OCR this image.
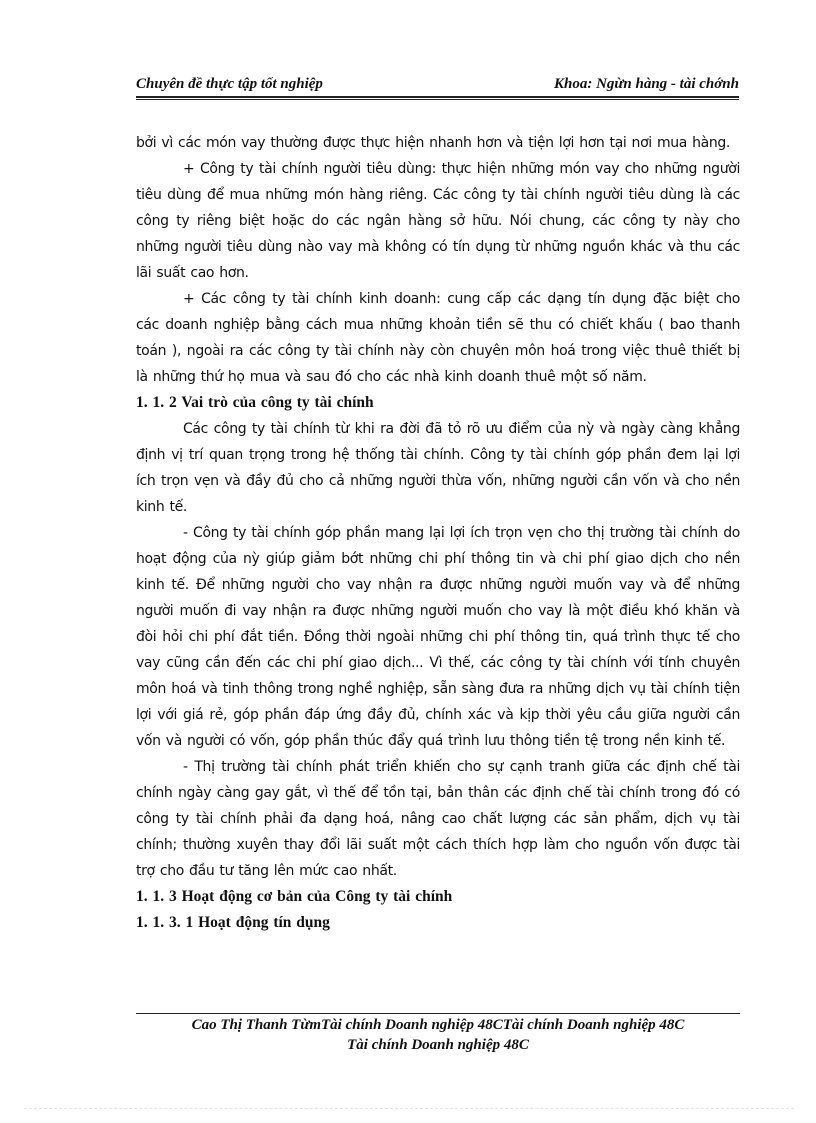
Chuyên đề thực tập tốt nghiệp	Khoa: Ngừn hàng - tài chớnh

bởi vì các món vay thường được thực hiện nhanh hơn và tiện lợi hơn tại nơi mua hàng.

+ Công ty tài chính người tiêu dùng: thực hiện những món vay cho những người tiêu dùng để mua những món hàng riêng. Các công ty tài chính người tiêu dùng là các công ty riêng biệt hoặc do các ngân hàng sở hữu. Nói chung, các công ty này cho những người tiêu dùng nào vay mà không có tín dụng từ những nguồn khác và thu các lãi suất cao hơn.

+ Các công ty tài chính kinh doanh: cung cấp các dạng tín dụng đặc biệt cho các doanh nghiệp bằng cách mua những khoản tiền sẽ thu có chiết khấu ( bao thanh toán ), ngoài ra các công ty tài chính này còn chuyên môn hoá trong việc thuê thiết bị là những thứ họ mua và sau đó cho các nhà kinh doanh thuê một số năm.

1. 1. 2 Vai trò của công ty tài chính

Các công ty tài chính từ khi ra đời đã tỏ rõ ưu điểm của nỳ và ngày càng khẳng định vị trí quan trọng trong hệ thống tài chính. Công ty tài chính góp phần đem lại lợi ích trọn vẹn và đầy đủ cho cả những người thừa vốn, những người cần vốn và cho nền kinh tế.

- Công ty tài chính góp phần mang lại lợi ích trọn vẹn cho thị trường tài chính do hoạt động của nỳ giúp giảm bớt những chi phí thông tin và chi phí giao dịch cho nền kinh tế. Để những người cho vay nhận ra được những người muốn vay và để những người muốn đi vay nhận ra được những người muốn cho vay là một điều khó khăn và đòi hỏi chi phí đắt tiền. Đồng thời ngoài những chi phí thông tin, quá trình thực tế cho vay cũng cần đến các chi phí giao dịch... Vì thế, các công ty tài chính với tính chuyên môn hoá và tinh thông trong nghề nghiệp, sẵn sàng đưa ra những dịch vụ tài chính tiện lợi với giá rẻ, góp phần đáp ứng đầy đủ, chính xác và kịp thời yêu cầu giữa người cần vốn và người có vốn, góp phần thúc đẩy quá trình lưu thông tiền tệ trong nền kinh tế.

- Thị trường tài chính phát triển khiến cho sự cạnh tranh giữa các định chế tài chính ngày càng gay gắt, vì thế để tồn tại, bản thân các định chế tài chính trong đó có công ty tài chính phải đa dạng hoá, nâng cao chất lượng các sản phẩm, dịch vụ tài chính; thường xuyên thay đổi lãi suất một cách thích hợp làm cho nguồn vốn được tài trợ cho đầu tư tăng lên mức cao nhất.

1. 1. 3 Hoạt động cơ bản của Công ty tài chính

1. 1. 3. 1 Hoạt động tín dụng

Cao Thị Thanh TừmTài chính Doanh nghiệp 48CTài chính Doanh nghiệp 48C
Tài chính Doanh nghiệp 48C
